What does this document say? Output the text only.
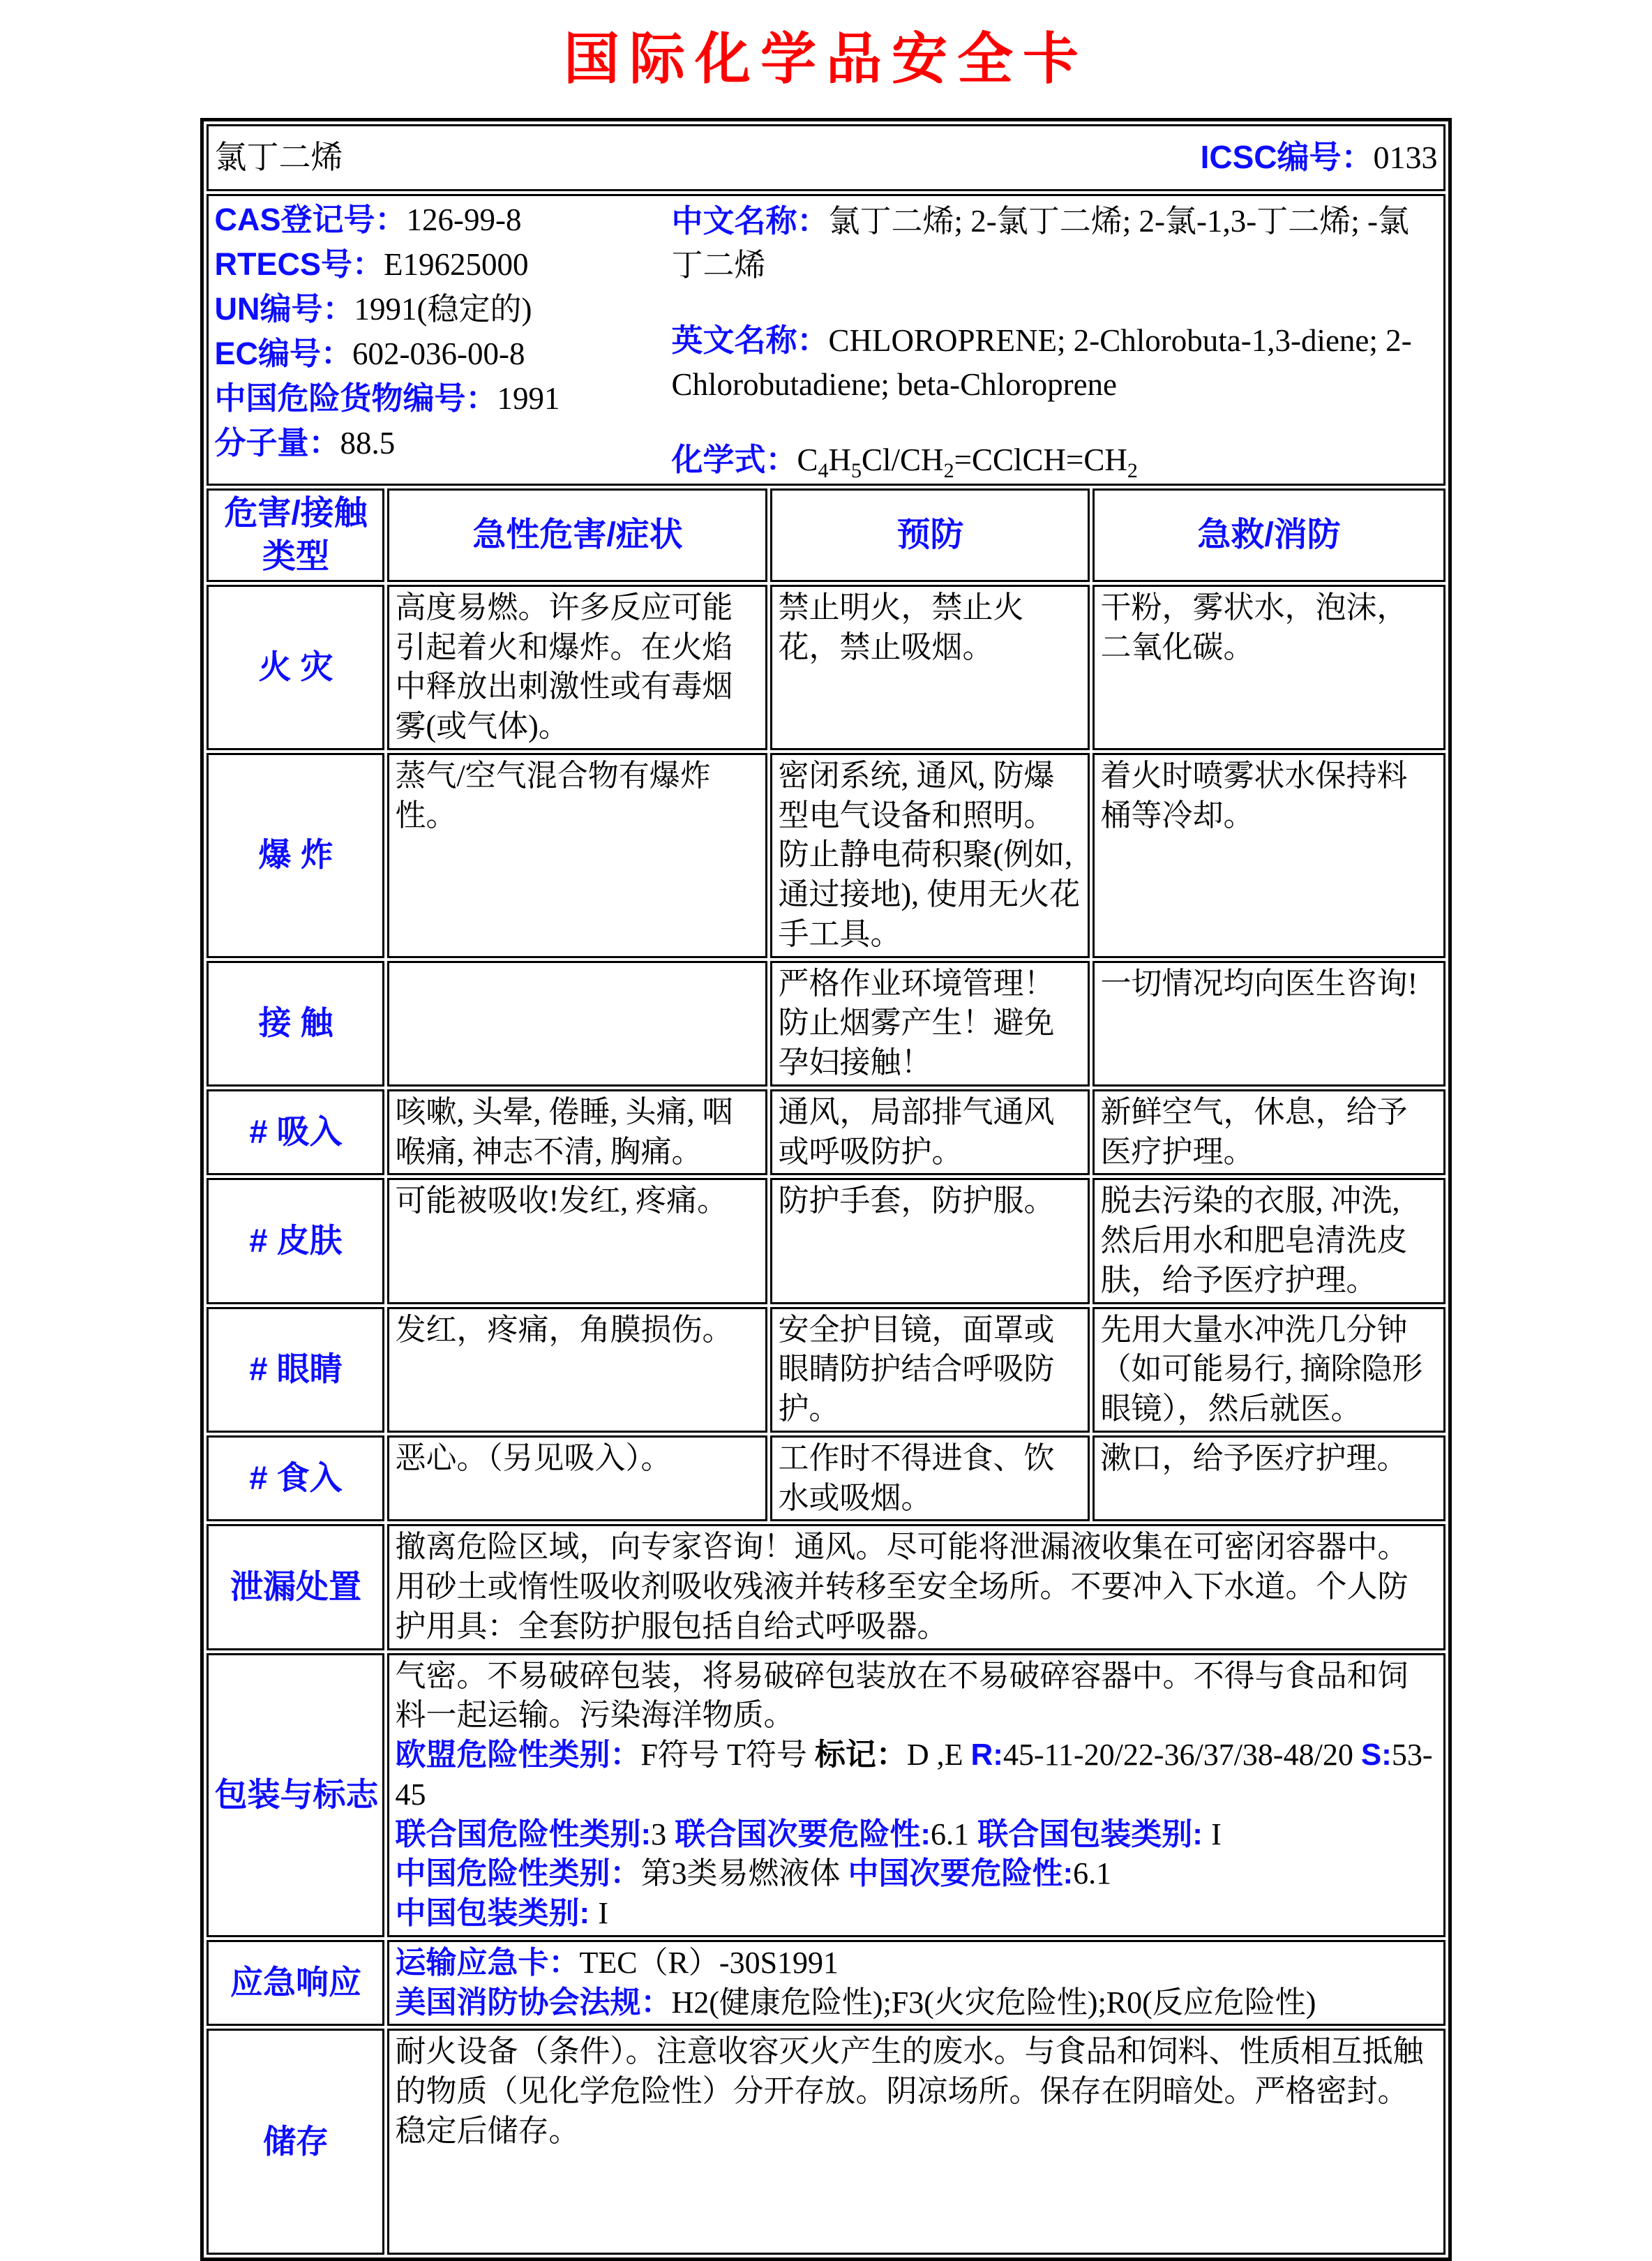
国际化学品安全卡
氯丁二烯 ICSC编号：0133			

CAS登记号：126-99-8
RTECS号：E19625000
UN编号：1991(稳定的)
EC编号：602-036-00-8
中国危险货物编号：1991
分子量：88.5
中文名称：氯丁二烯; 2-氯丁二烯; 2-氯-1,3-丁二烯; -氯丁二烯
英文名称：CHLOROPRENE; 2-Chlorobuta-1,3-diene; 2-Chlorobutadiene; beta-Chloroprene
化学式：$C_4H_5Cl/CH_2=CClCH=CH_2$

危害/接触类型	急性危害/症状	预防	急救/消防
火 灾	高度易燃。许多反应可能引起着火和爆炸。在火焰中释放出刺激性或有毒烟雾(或气体)。	禁止明火，禁止火花，禁止吸烟。	干粉，雾状水，泡沫，二氧化碳。
爆 炸	蒸气/空气混合物有爆炸性。	密闭系统, 通风, 防爆型电气设备和照明。防止静电荷积聚(例如, 通过接地), 使用无火花手工具。	着火时喷雾状水保持料桶等冷却。
接 触		严格作业环境管理！防止烟雾产生！避免孕妇接触！	一切情况均向医生咨询!
# 吸入	咳嗽, 头晕, 倦睡, 头痛, 咽喉痛, 神志不清, 胸痛。	通风，局部排气通风或呼吸防护。	新鲜空气，休息，给予医疗护理。
# 皮肤	可能被吸收!发红, 疼痛。	防护手套，防护服。	脱去污染的衣服, 冲洗, 然后用水和肥皂清洗皮肤，给予医疗护理。
# 眼睛	发红，疼痛，角膜损伤。	安全护目镜，面罩或眼睛防护结合呼吸防护。	先用大量水冲洗几分钟（如可能易行, 摘除隐形眼镜），然后就医。
# 食入	恶心。（另见吸入）。	工作时不得进食、饮水或吸烟。	漱口，给予医疗护理。
泄漏处置	撤离危险区域，向专家咨询！通风。尽可能将泄漏液收集在可密闭容器中。用砂土或惰性吸收剂吸收残液并转移至安全场所。不要冲入下水道。个人防护用具：全套防护服包括自给式呼吸器。		
包装与标志	气密。不易破碎包装，将易破碎包装放在不易破碎容器中。不得与食品和饲料一起运输。污染海洋物质。
欧盟危险性类别：F符号 T符号 标记：D ,E R:45-11-20/22-36/37/38-48/20 S:53-45
联合国危险性类别:3 联合国次要危险性:6.1 联合国包装类别: I
中国危险性类别：第3类易燃液体 中国次要危险性:6.1
中国包装类别: I		

应急响应	运输应急卡：TEC（R）-30S1991
美国消防协会法规：H2(健康危险性);F3(火灾危险性);R0(反应危险性)		

储存	耐火设备（条件）。注意收容灭火产生的废水。与食品和饲料、性质相互抵触的物质（见化学危险性）分开存放。阴凉场所。保存在阴暗处。严格密封。稳定后储存。		
